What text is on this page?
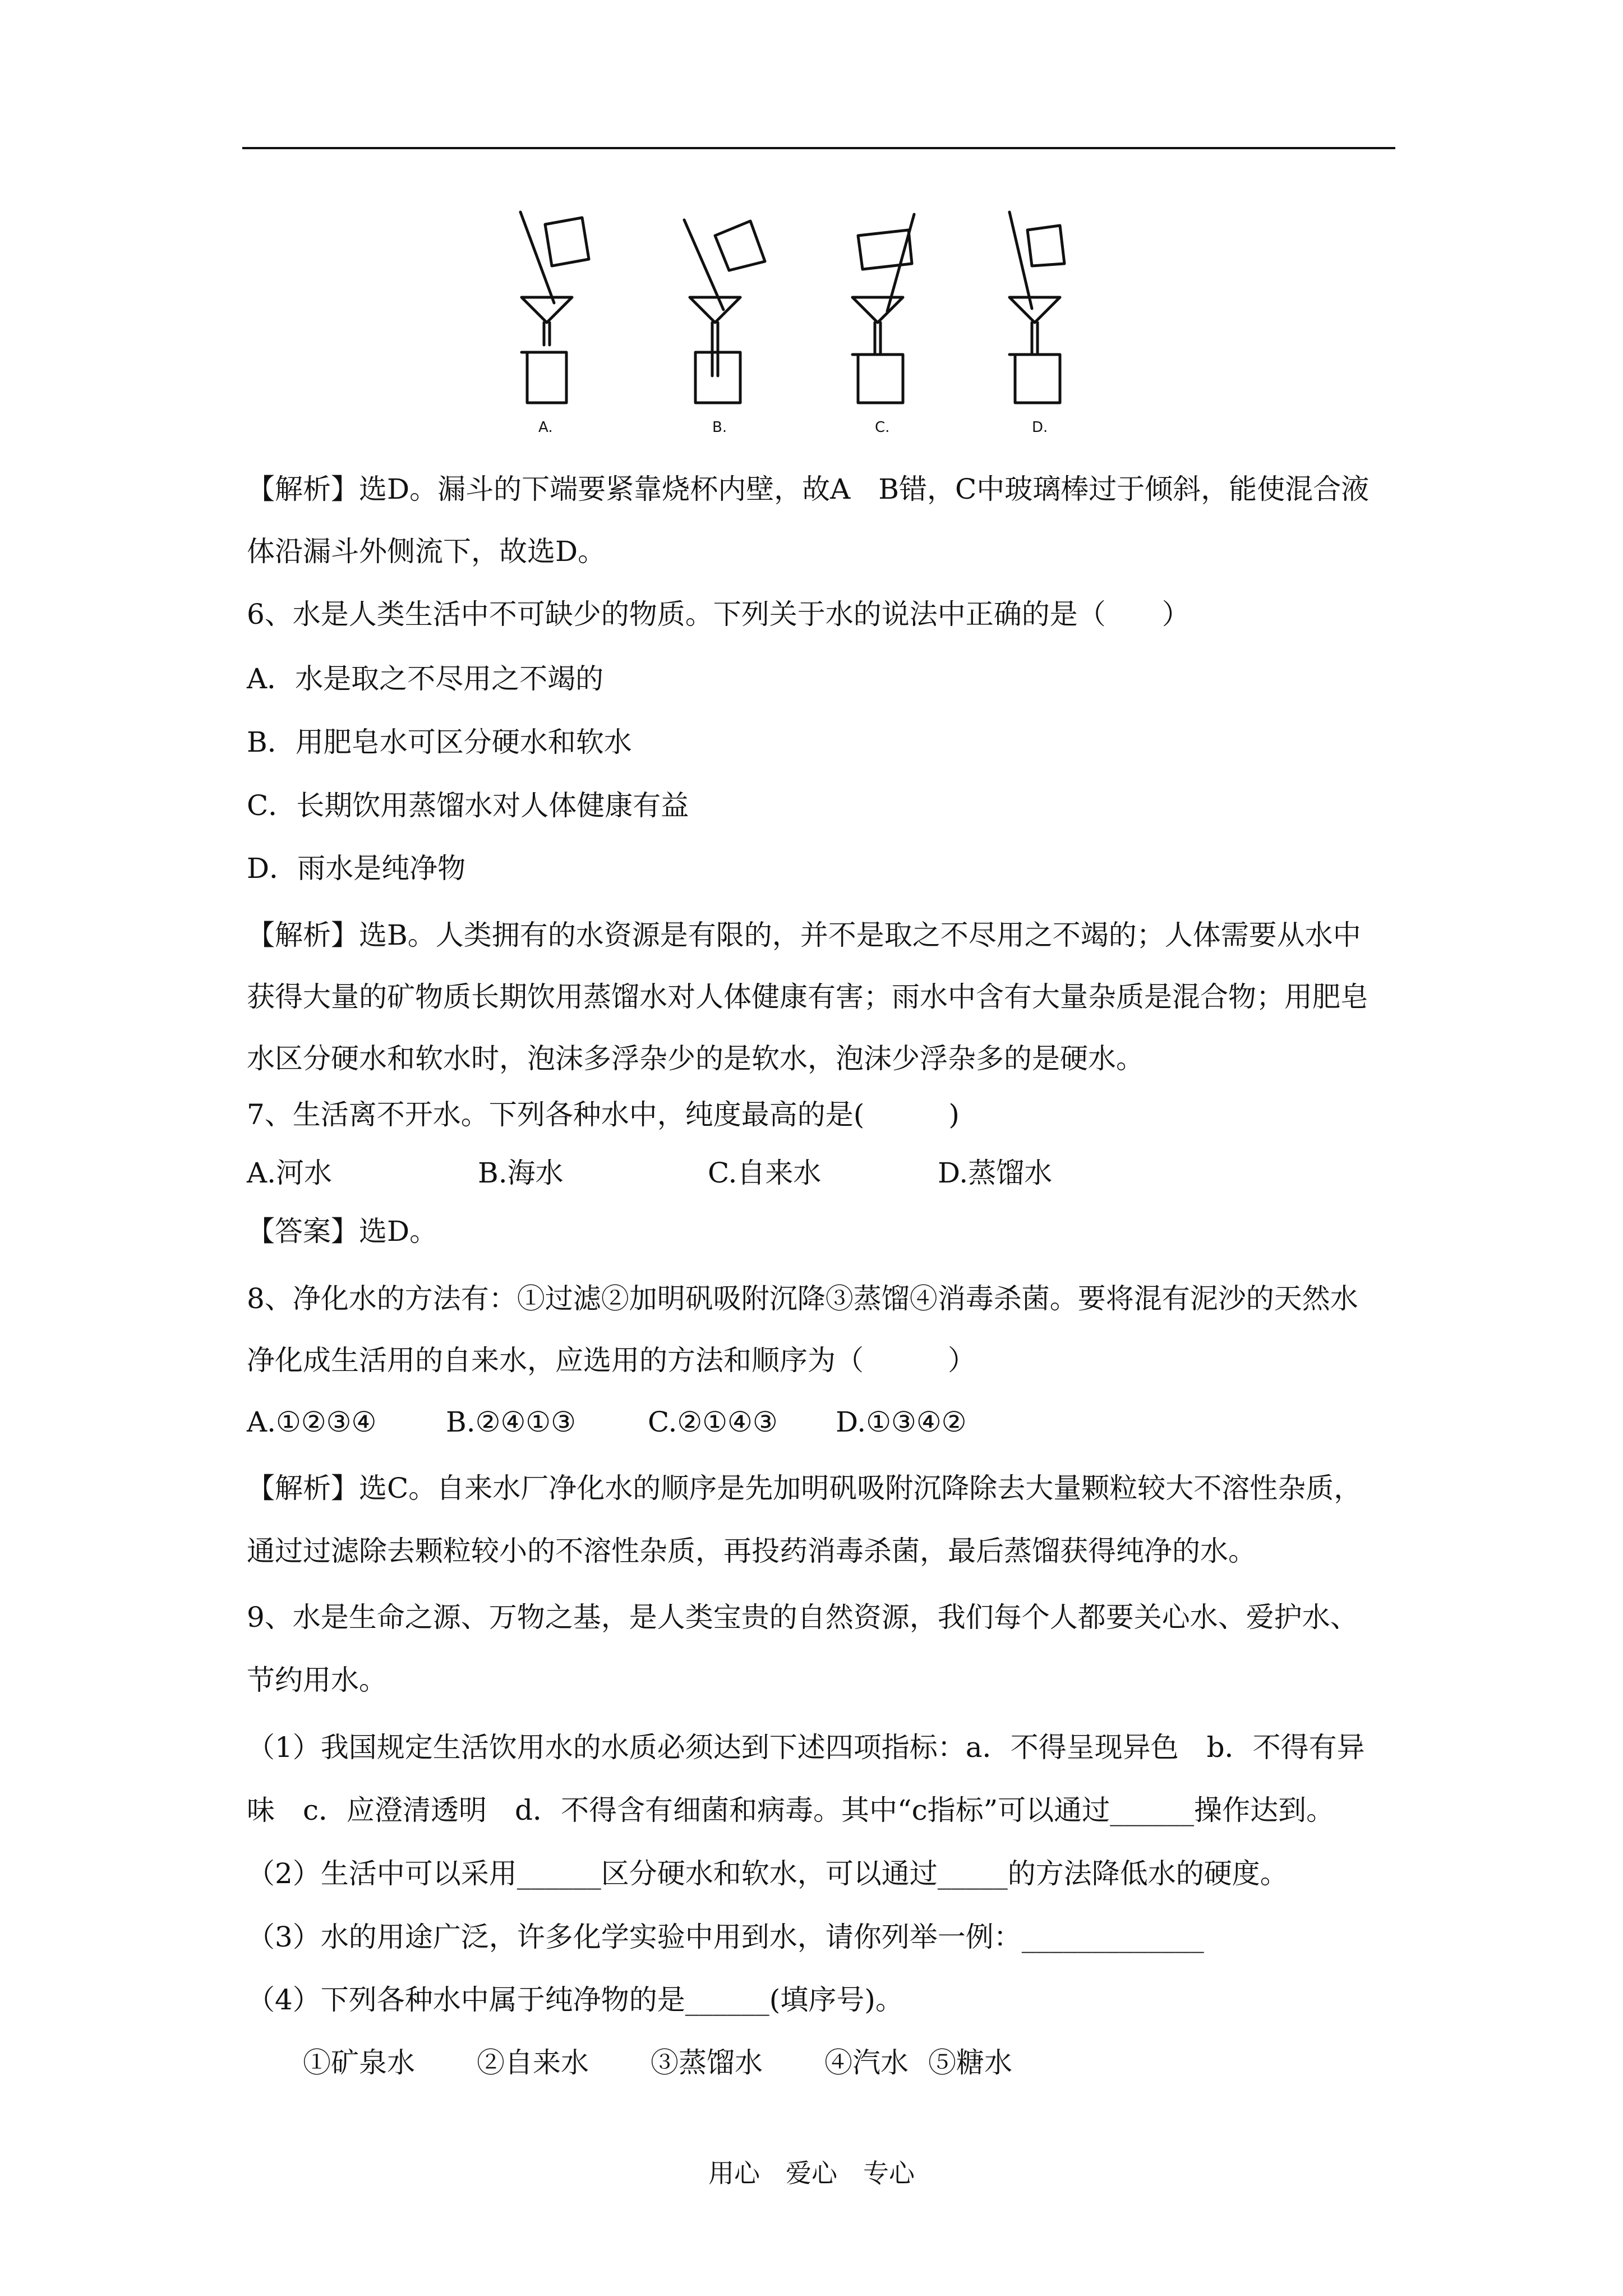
A.	B.	C.	D.
【解析】选D。漏斗的下端要紧靠烧杯内壁，故A　B错，C中玻璃棒过于倾斜，能使混合液
体沿漏斗外侧流下，故选D。
6、水是人类生活中不可缺少的物质。下列关于水的说法中正确的是（　　）
A．水是取之不尽用之不竭的
B．用肥皂水可区分硬水和软水
C．长期饮用蒸馏水对人体健康有益
D．雨水是纯净物
【解析】选B。人类拥有的水资源是有限的，并不是取之不尽用之不竭的；人体需要从水中
获得大量的矿物质长期饮用蒸馏水对人体健康有害；雨水中含有大量杂质是混合物；用肥皂
水区分硬水和软水时，泡沫多浮杂少的是软水，泡沫少浮杂多的是硬水。
7、生活离不开水。下列各种水中，纯度最高的是(　　　)
A.河水	B.海水	C.自来水	D.蒸馏水
【答案】选D。
8、净化水的方法有：①过滤②加明矾吸附沉降③蒸馏④消毒杀菌。要将混有泥沙的天然水
净化成生活用的自来水，应选用的方法和顺序为（　　　）
A.①②③④ B.②④①③	C.②①④③ D.①③④②
【解析】选C。自来水厂净化水的顺序是先加明矾吸附沉降除去大量颗粒较大不溶性杂质，
通过过滤除去颗粒较小的不溶性杂质，再投药消毒杀菌，最后蒸馏获得纯净的水。
9、水是生命之源、万物之基，是人类宝贵的自然资源，我们每个人都要关心水、爱护水、
节约用水。
（1）我国规定生活饮用水的水质必须达到下述四项指标：a．不得呈现异色　b．不得有异
味　c．应澄清透明　d．不得含有细菌和病毒。其中“c指标”可以通过______操作达到。
（2）生活中可以采用______区分硬水和软水，可以通过_____的方法降低水的硬度。
（3）水的用途广泛，许多化学实验中用到水，请你列举一例：_____________
（4）下列各种水中属于纯净物的是______(填序号)。
①矿泉水 ②自来水 ③蒸馏水 ④汽水 ⑤糖水
用心　爱心　专心
